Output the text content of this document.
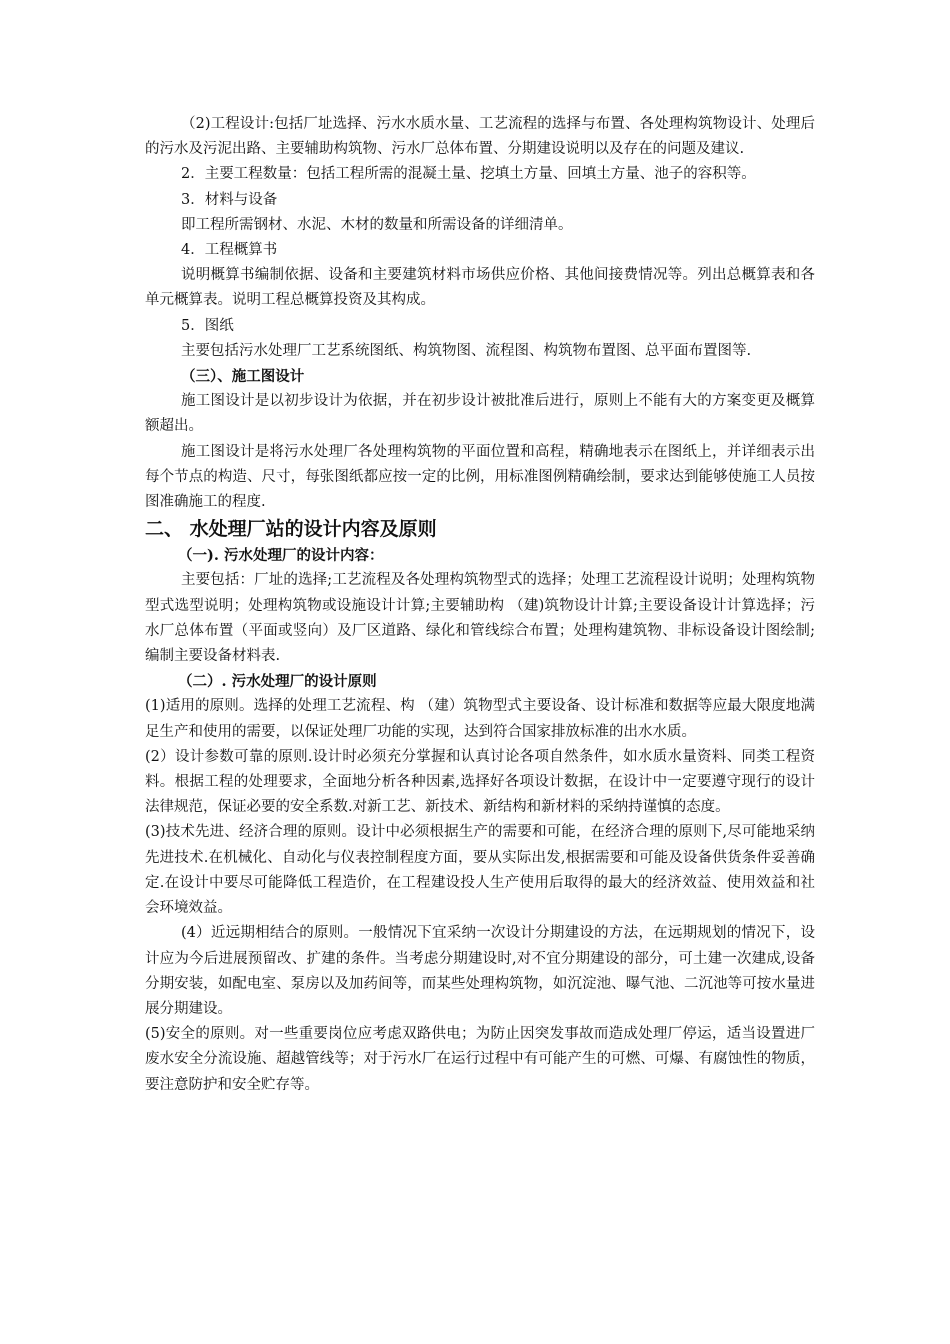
（2)工程设计:包括厂址选择、污水水质水量、工艺流程的选择与布置、各处理构筑物设计、处理后的污水及污泥出路、主要辅助构筑物、污水厂总体布置、分期建设说明以及存在的问题及建议.

2．主要工程数量：包括工程所需的混凝土量、挖填土方量、回填土方量、池子的容积等。

3．材料与设备

即工程所需钢材、水泥、木材的数量和所需设备的详细清单。

4．工程概算书

说明概算书编制依据、设备和主要建筑材料市场供应价格、其他间接费情况等。列出总概算表和各单元概算表。说明工程总概算投资及其构成。

5．图纸

主要包括污水处理厂工艺系统图纸、构筑物图、流程图、构筑物布置图、总平面布置图等.

（三）、施工图设计

施工图设计是以初步设计为依据，并在初步设计被批准后进行，原则上不能有大的方案变更及概算额超出。

施工图设计是将污水处理厂各处理构筑物的平面位置和高程，精确地表示在图纸上，并详细表示出每个节点的构造、尺寸，每张图纸都应按一定的比例，用标准图例精确绘制，要求达到能够使施工人员按图准确施工的程度.

二、 水处理厂站的设计内容及原则

（一). 污水处理厂的设计内容：

主要包括：厂址的选择;工艺流程及各处理构筑物型式的选择；处理工艺流程设计说明；处理构筑物型式选型说明；处理构筑物或设施设计计算;主要辅助构 （建)筑物设计计算;主要设备设计计算选择；污水厂总体布置（平面或竖向）及厂区道路、绿化和管线综合布置；处理构建筑物、非标设备设计图绘制;编制主要设备材料表.

（二）. 污水处理厂的设计原则

(1)适用的原则。选择的处理工艺流程、构 （建）筑物型式主要设备、设计标准和数据等应最大限度地满足生产和使用的需要，以保证处理厂功能的实现，达到符合国家排放标准的出水水质。

(2）设计参数可靠的原则.设计时必须充分掌握和认真讨论各项自然条件，如水质水量资料、同类工程资料。根据工程的处理要求，全面地分析各种因素,选择好各项设计数据，在设计中一定要遵守现行的设计法律规范，保证必要的安全系数.对新工艺、新技术、新结构和新材料的采纳持谨慎的态度。

(3)技术先进、经济合理的原则。设计中必须根据生产的需要和可能，在经济合理的原则下,尽可能地采纳先进技术.在机械化、自动化与仪表控制程度方面，要从实际出发,根据需要和可能及设备供货条件妥善确定.在设计中要尽可能降低工程造价，在工程建设投人生产使用后取得的最大的经济效益、使用效益和社会环境效益。

(4）近远期相结合的原则。一般情况下宜采纳一次设计分期建设的方法，在远期规划的情况下，设计应为今后进展预留改、扩建的条件。当考虑分期建设时,对不宜分期建设的部分，可土建一次建成,设备分期安装，如配电室、泵房以及加药间等，而某些处理构筑物，如沉淀池、曝气池、二沉池等可按水量进展分期建设。

(5)安全的原则。对一些重要岗位应考虑双路供电；为防止因突发事故而造成处理厂停运，适当设置进厂废水安全分流设施、超越管线等；对于污水厂在运行过程中有可能产生的可燃、可爆、有腐蚀性的物质，要注意防护和安全贮存等。
